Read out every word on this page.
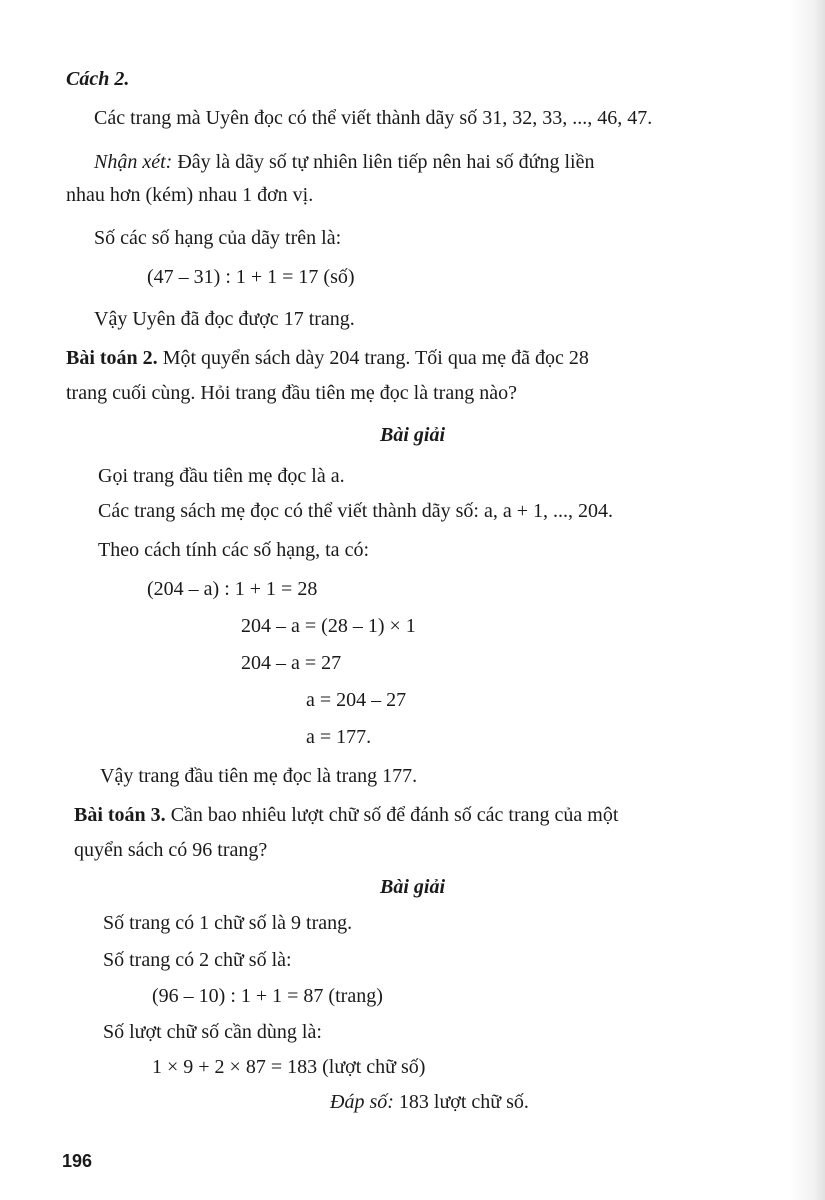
Cách 2.
Các trang mà Uyên đọc có thể viết thành dãy số 31, 32, 33, ..., 46, 47.
Nhận xét: Đây là dãy số tự nhiên liên tiếp nên hai số đứng liền
nhau hơn (kém) nhau 1 đơn vị.
Số các số hạng của dãy trên là:
(47 – 31) : 1 + 1 = 17 (số)
Vậy Uyên đã đọc được 17 trang.
Bài toán 2. Một quyển sách dày 204 trang. Tối qua mẹ đã đọc 28
trang cuối cùng. Hỏi trang đầu tiên mẹ đọc là trang nào?
Bài giải
Gọi trang đầu tiên mẹ đọc là a.
Các trang sách mẹ đọc có thể viết thành dãy số: a, a + 1, ..., 204.
Theo cách tính các số hạng, ta có:
(204 – a) : 1 + 1 = 28
204 – a = (28 – 1) × 1
204 – a = 27
a = 204 – 27
a = 177.
Vậy trang đầu tiên mẹ đọc là trang 177.
Bài toán 3. Cần bao nhiêu lượt chữ số để đánh số các trang của một
quyển sách có 96 trang?
Bài giải
Số trang có 1 chữ số là 9 trang.
Số trang có 2 chữ số là:
(96 – 10) : 1 + 1 = 87 (trang)
Số lượt chữ số cần dùng là:
1 × 9 + 2 × 87 = 183 (lượt chữ số)
Đáp số: 183 lượt chữ số.
196
